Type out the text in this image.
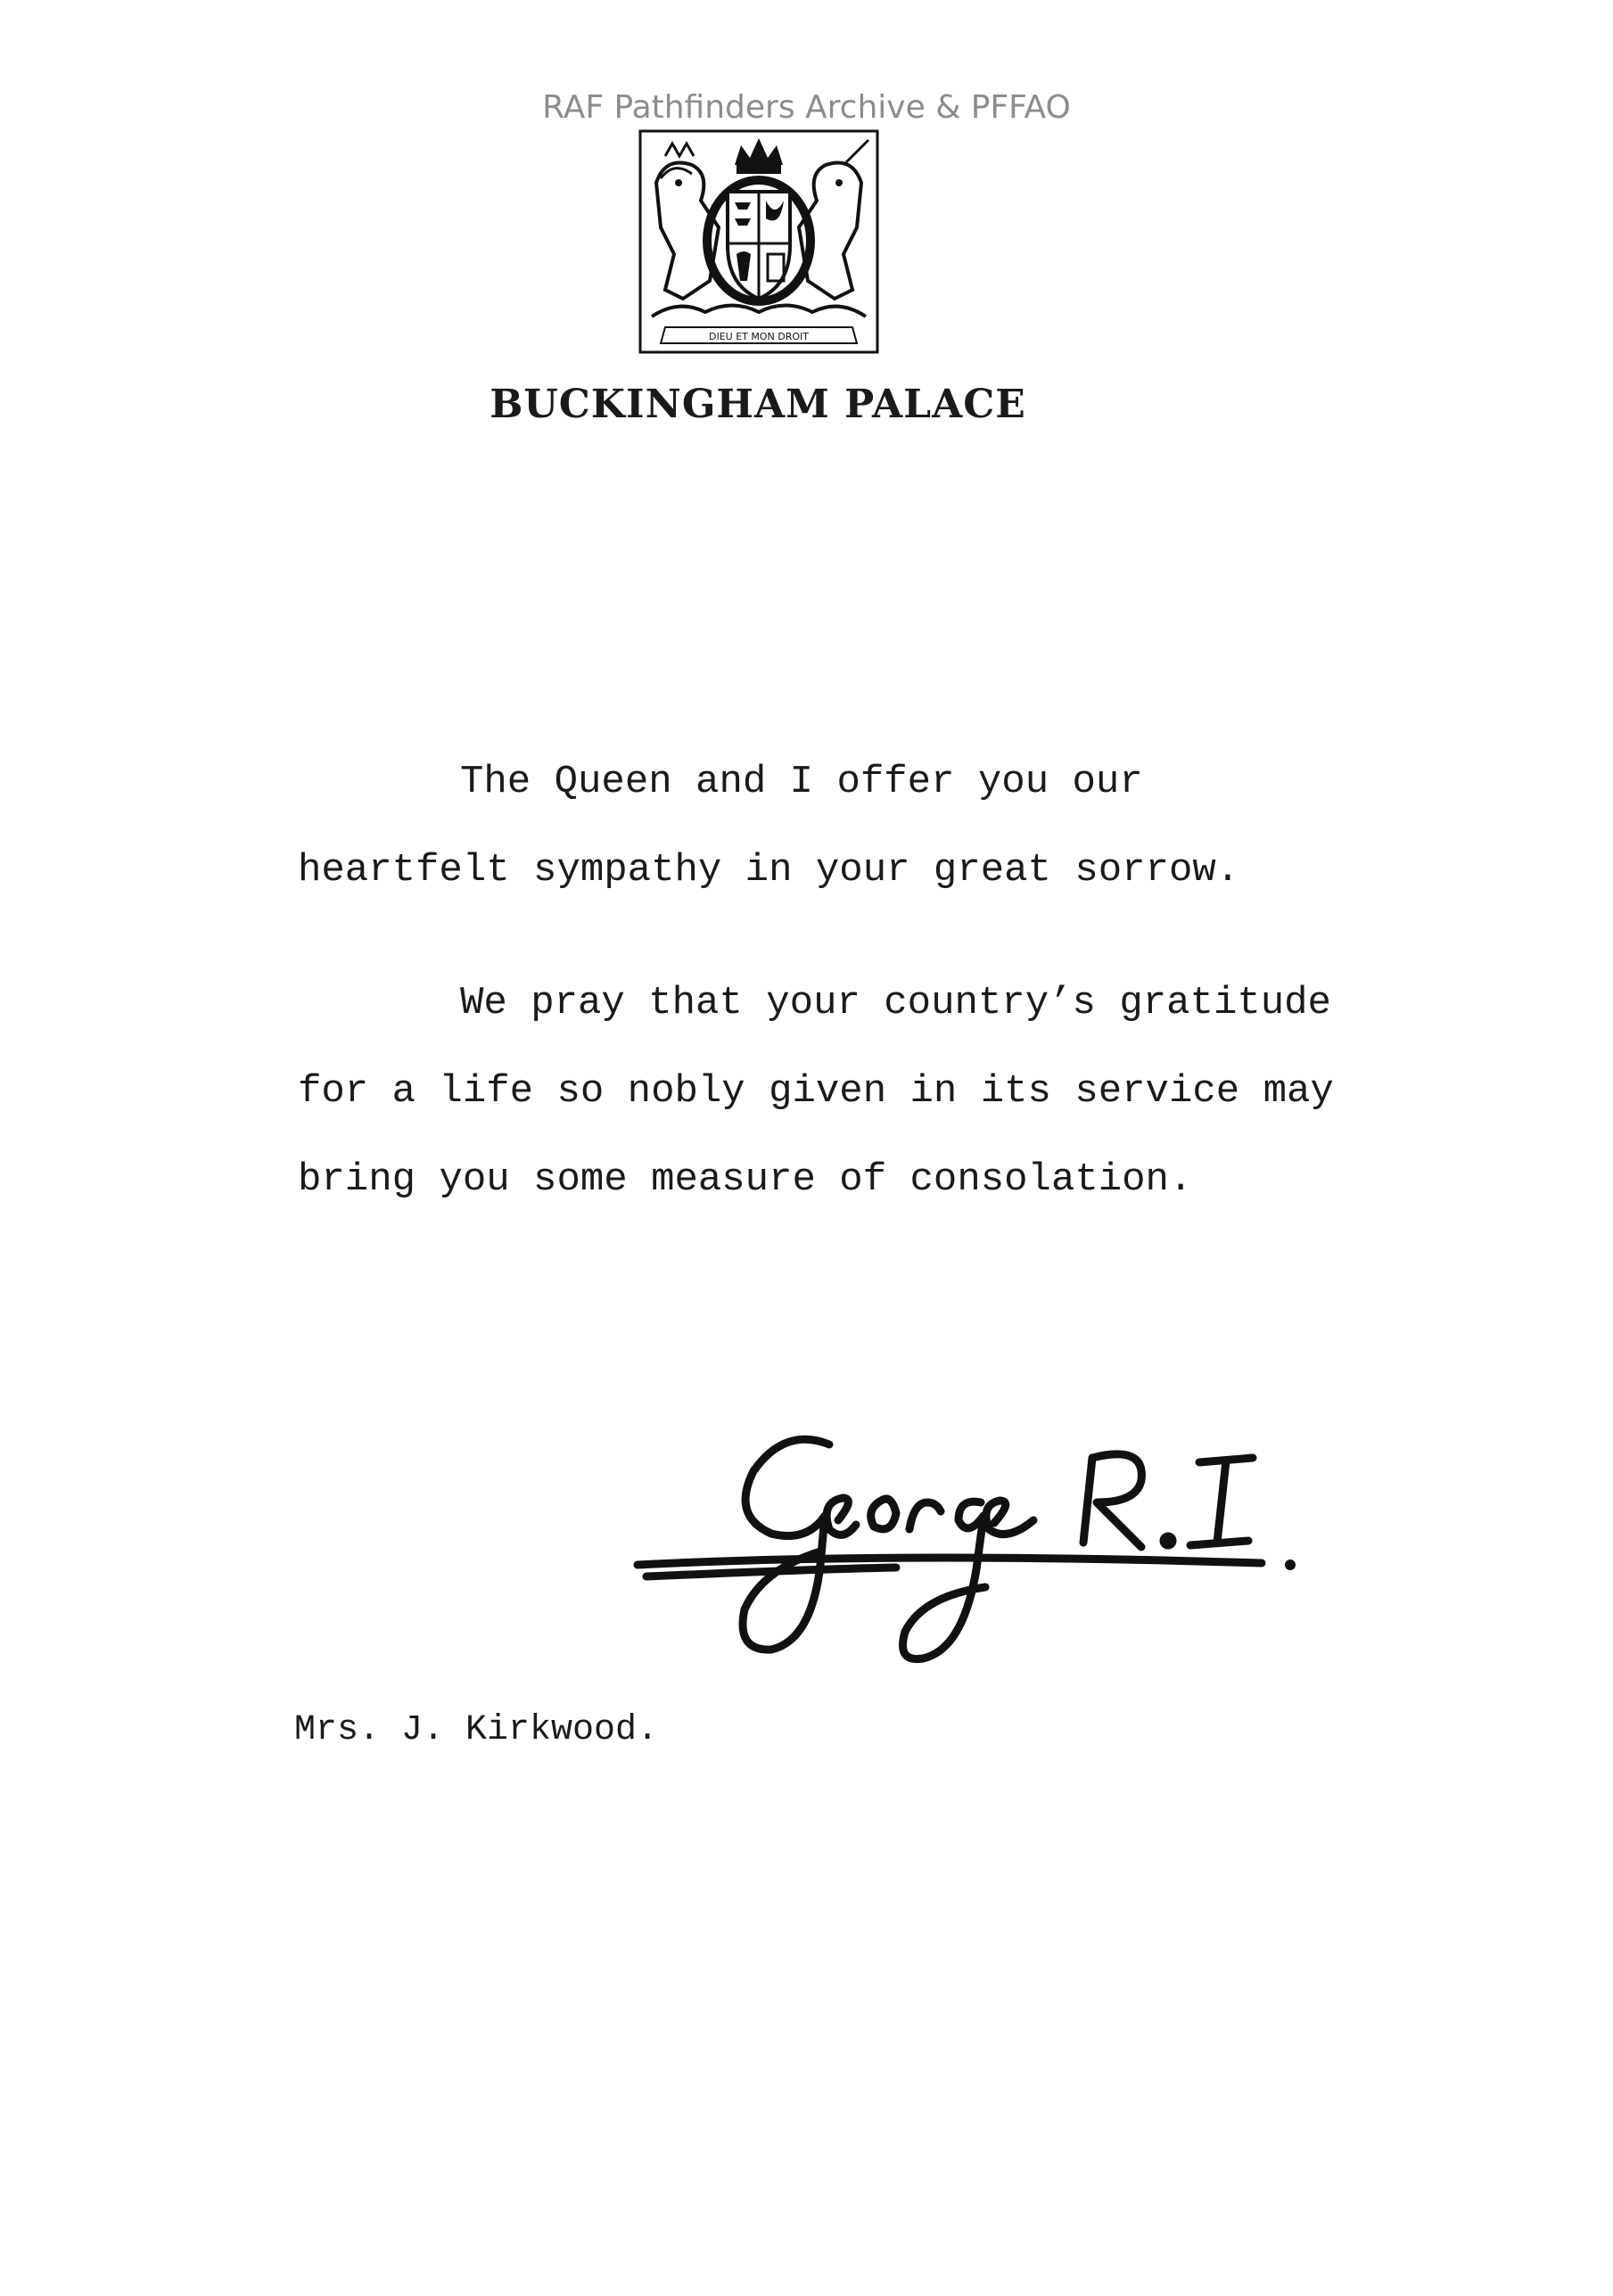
RAF Pathfinders Archive & PFFAO
DIEU ET MON DROIT
BUCKINGHAM PALACE

The Queen and I offer you our heartfelt sympathy in your great sorrow.

We pray that your country’s gratitude for a life so nobly given in its service may bring you some measure of consolation.

Mrs. J. Kirkwood.
